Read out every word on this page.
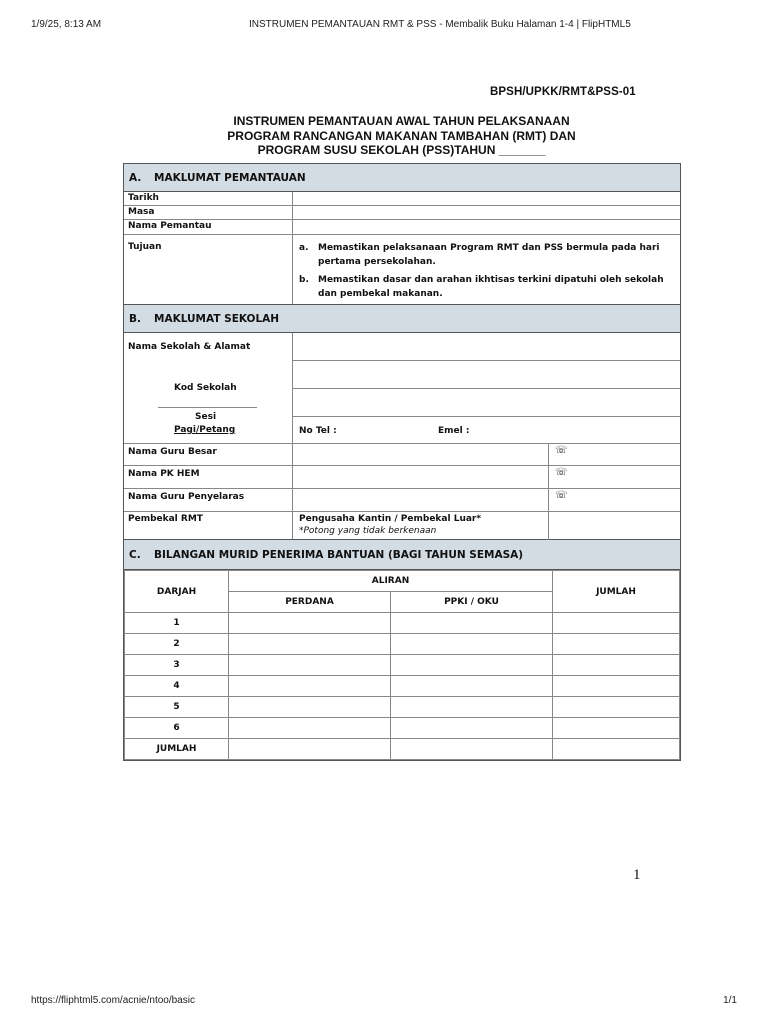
1/9/25, 8:13 AM	INSTRUMEN PEMANTAUAN RMT & PSS - Membalik Buku Halaman 1-4 | FlipHTML5
BPSH/UPKK/RMT&PSS-01
INSTRUMEN PEMANTAUAN AWAL TAHUN PELAKSANAAN
PROGRAM RANCANGAN MAKANAN TAMBAHAN (RMT) DAN
PROGRAM SUSU SEKOLAH (PSS)TAHUN _______
A.	MAKLUMAT PEMANTAUAN
Tarikh
Masa
Nama Pemantau
Tujuan	a.	Memastikan pelaksanaan Program RMT dan PSS bermula pada hari pertama persekolahan.
b.	Memastikan dasar dan arahan ikhtisas terkini dipatuhi oleh sekolah dan pembekal makanan.
B.	MAKLUMAT SEKOLAH
Nama Sekolah & Alamat
Kod Sekolah
Sesi
Pagi/Petang	No Tel :	Emel :
Nama Guru Besar	☏
Nama PK HEM	☏
Nama Guru Penyelaras	☏
Pembekal RMT	Pengusaha Kantin / Pembekal Luar*
*Potong yang tidak berkenaan
C.	BILANGAN MURID PENERIMA BANTUAN (BAGI TAHUN SEMASA)
DARJAH	ALIRAN		JUMLAH
	PERDANA	PPKI / OKU	
1			
2			
3			
4			
5			
6			
JUMLAH			
1
https://fliphtml5.com/acnie/ntoo/basic	1/1
